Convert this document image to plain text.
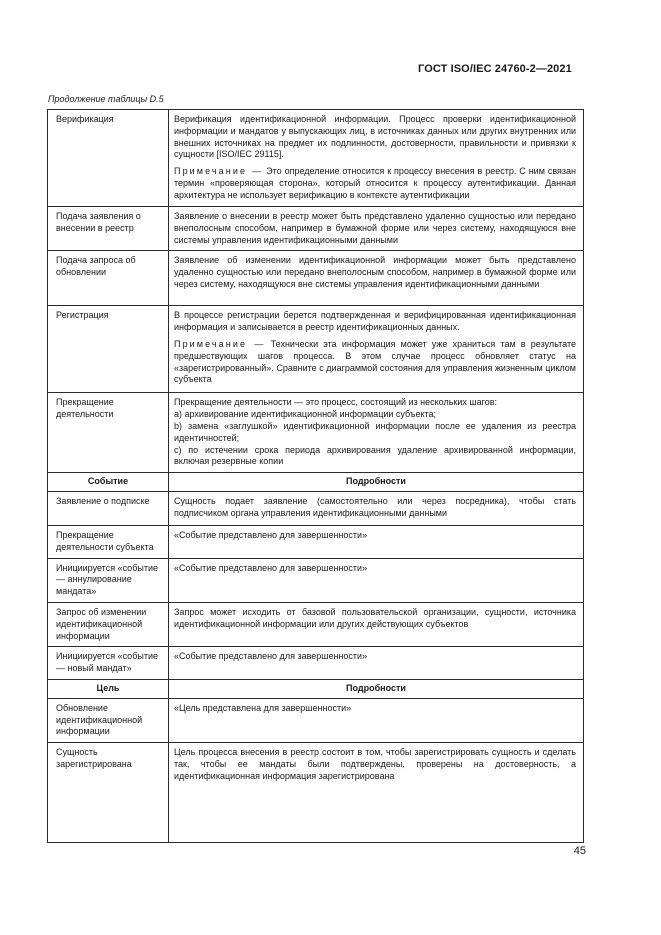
ГОСТ ISO/IEC 24760-2—2021
Продолжение таблицы D.5
Верификация	Верификация идентификационной информации. Процесс проверки идентификационной информации и мандатов у выпускающих лиц, в источниках данных или других внутренних или внешних источниках на предмет их подлинности, достоверности, правильности и привязки к сущности [ISO/IEC 29115].

Примечание — Это определение относится к процессу внесения в реестр. С ним связан термин «проверяющая сторона», который относится к процессу аутентификации. Данная архитектура не использует верификацию в контексте аутентификации

Подача заявления о внесении в реестр	Заявление о внесении в реестр может быть представлено удаленно сущностью или передано внеполосным способом, например в бумажной форме или через систему, находящуюся вне системы управления идентификационными данными
Подача запроса об обновлении	Заявление об изменении идентификационной информации может быть представлено удаленно сущностью или передано внеполосным способом, например в бумажной форме или через систему, находящуюся вне системы управления идентификационными данными
Регистрация	В процессе регистрации берется подтвержденная и верифицированная идентификационная информация и записывается в реестр идентификационных данных.

Примечание — Технически эта информация может уже храниться там в результате предшествующих шагов процесса. В этом случае процесс обновляет статус на «зарегистрированный». Сравните с диаграммой состояния для управления жизненным циклом субъекта

Прекращение деятельности	Прекращение деятельности — это процесс, состоящий из нескольких шагов:
a) архивирование идентификационной информации субъекта;
b) замена «заглушкой» идентификационной информации после ее удаления из реестра идентичностей;
c) по истечении срока периода архивирования удаление архивированной информации, включая резервные копии

Событие	Подробности
Заявление о подписке	Сущность подает заявление (самостоятельно или через посредника), чтобы стать подписчиком органа управления идентификационными данными
Прекращение деятельности субъекта	«Событие представлено для завершенности»
Инициируется «событие — аннулирование мандата»	«Событие представлено для завершенности»
Запрос об изменении идентификационной информации	Запрос может исходить от базовой пользовательской организации, сущности, источника идентификационной информации или других действующих субъектов
Инициируется «событие — новый мандат»	«Событие представлено для завершенности»
Цель	Подробности
Обновление идентификационной информации	«Цель представлена для завершенности»
Сущность зарегистрирована	Цель процесса внесения в реестр состоит в том, чтобы зарегистрировать сущность и сделать так, чтобы ее мандаты были подтверждены, проверены на достоверность, а идентификационная информация зарегистрирована
45
